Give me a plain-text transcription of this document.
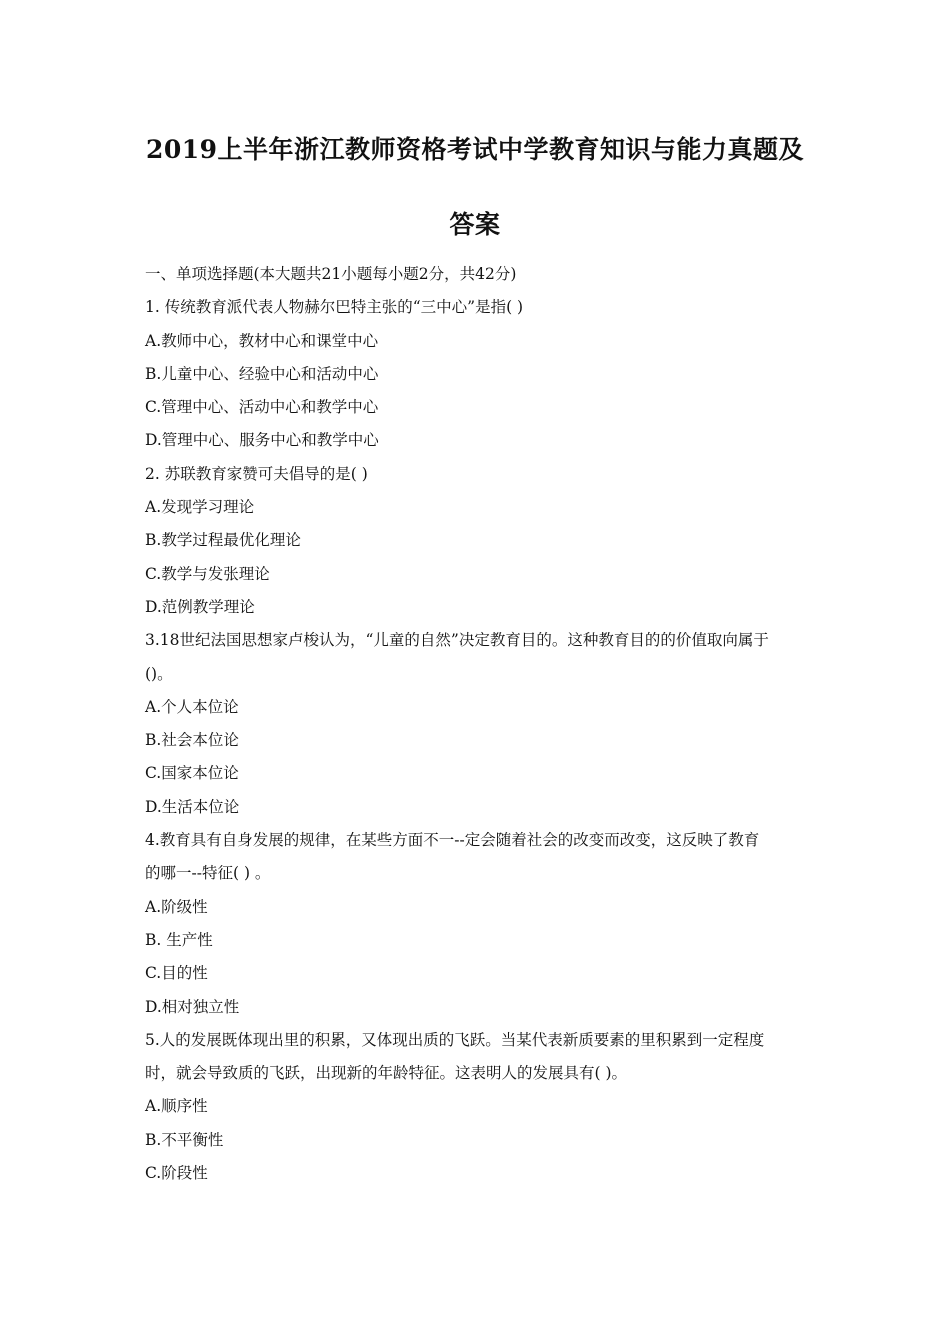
2019上半年浙江教师资格考试中学教育知识与能力真题及
答案
一、单项选择题(本大题共21小题每小题2分，共42分)
1. 传统教育派代表人物赫尔巴特主张的“三中心”是指( )
A.教师中心，教材中心和课堂中心
B.儿童中心、经验中心和活动中心
C.管理中心、活动中心和教学中心
D.管理中心、服务中心和教学中心
2. 苏联教育家赞可夫倡导的是( )
A.发现学习理论
B.教学过程最优化理论
C.教学与发张理论
D.范例教学理论
3.18世纪法国思想家卢梭认为，“儿童的自然”决定教育目的。这种教育目的的价值取向属于
()。
A.个人本位论
B.社会本位论
C.国家本位论
D.生活本位论
4.教育具有自身发展的规律，在某些方面不一--定会随着社会的改变而改变，这反映了教育
的哪一--特征( ) 。
A.阶级性
B. 生产性
C.目的性
D.相对独立性
5.人的发展既体现出里的积累，又体现出质的飞跃。当某代表新质要素的里积累到一定程度
时，就会导致质的飞跃，出现新的年龄特征。这表明人的发展具有( )。
A.顺序性
B.不平衡性
C.阶段性
